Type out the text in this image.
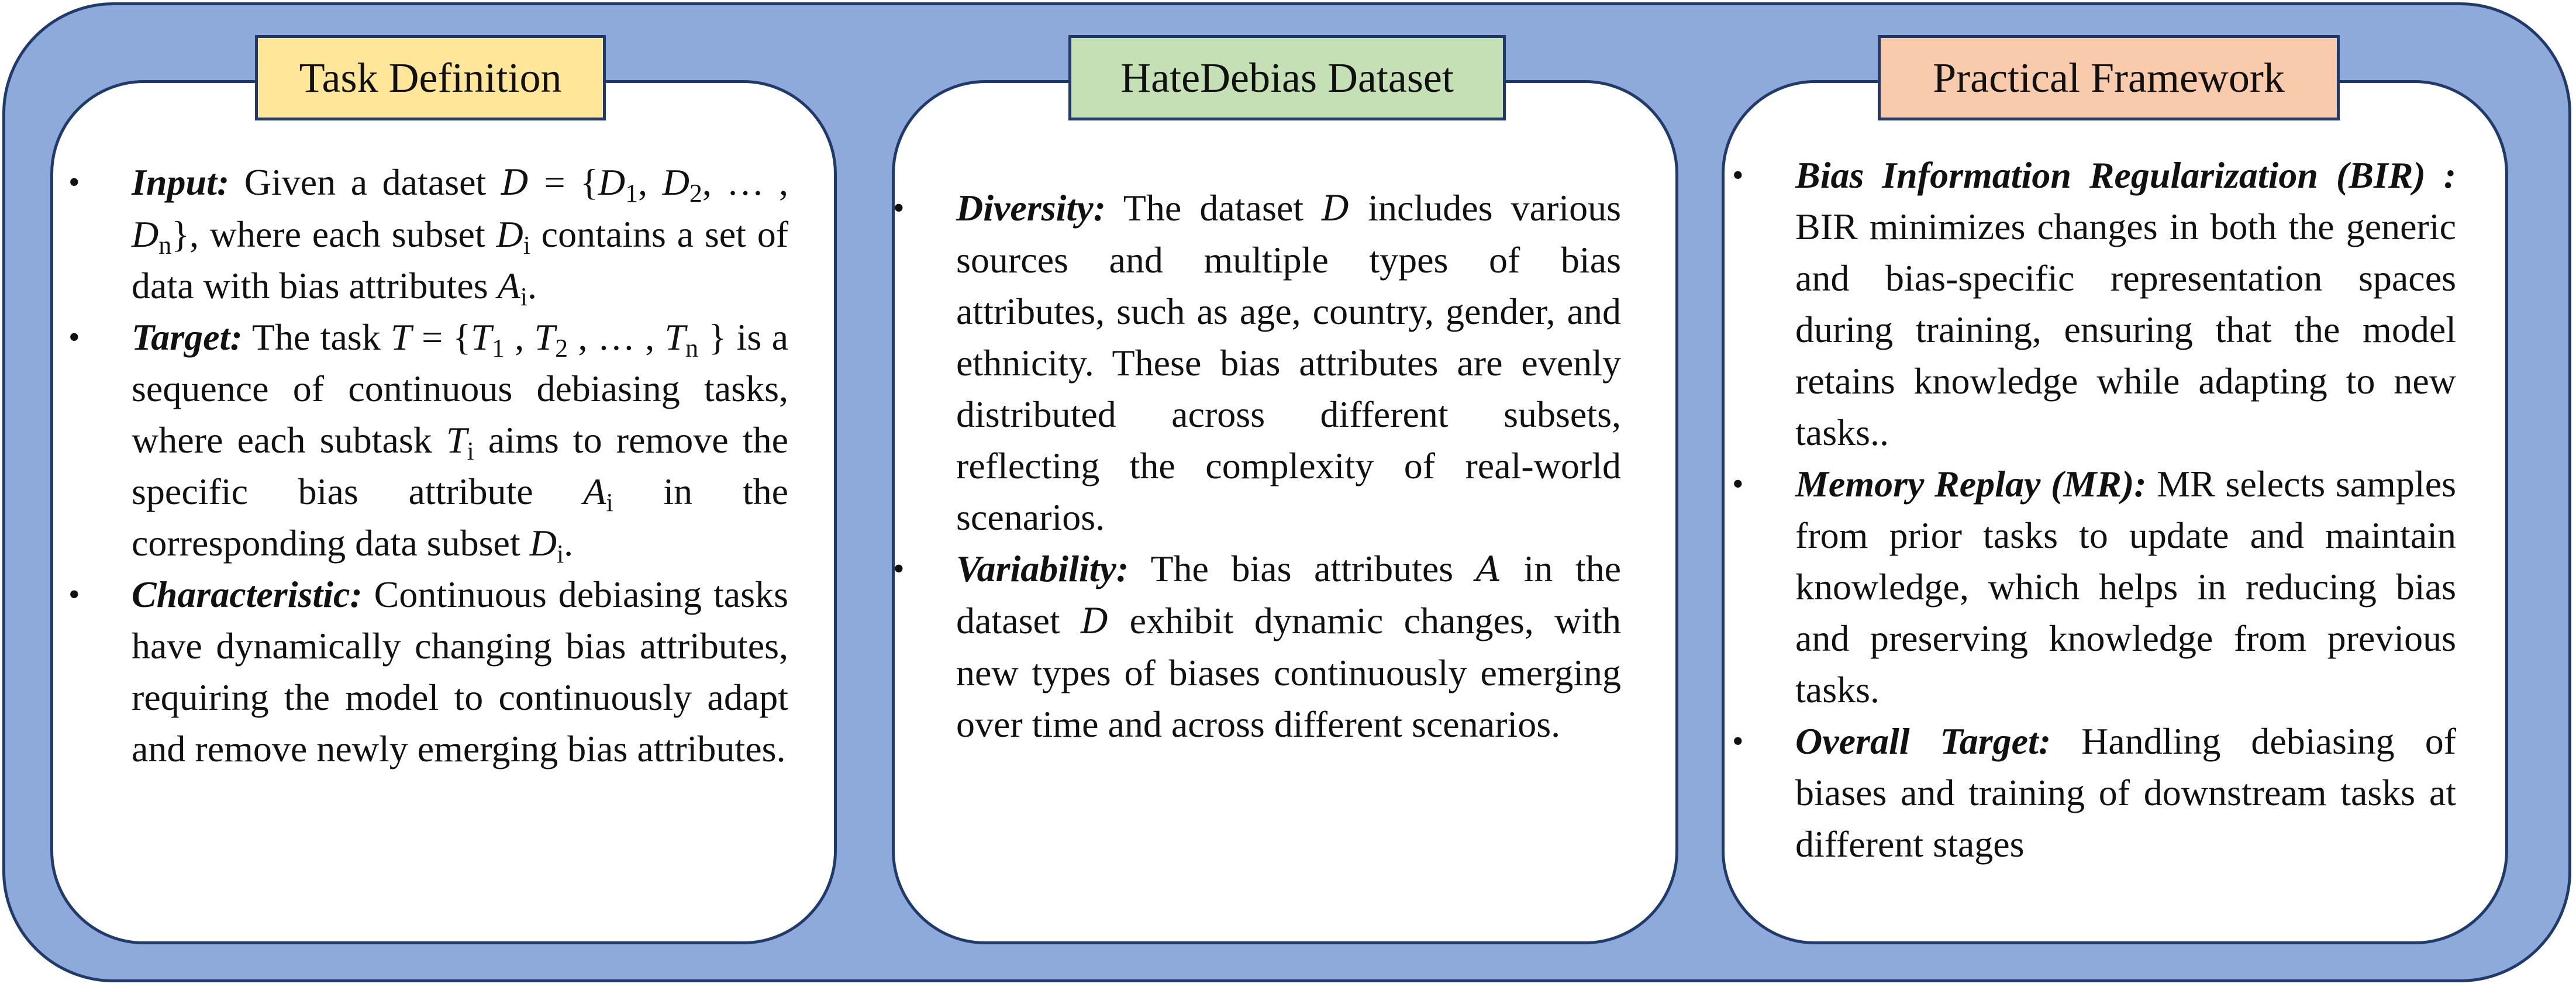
Task Definition	HateDebias Dataset	Practical Framework
•	Input: Given a dataset $D = \{D_1$, $D_2$, … , $D_n$}, where each subset $D_i$ contains a set of data with bias attributes $A_i$.
•	Target: The task $T = \{T_1$ , $T_2$ , … , $T_n$ } is a sequence of continuous debiasing tasks, where each subtask $T_i$ aims to remove the specific bias attribute $A_i$ in the corresponding data subset $D_i$.
•	Characteristic: Continuous debiasing tasks have dynamically changing bias attributes, requiring the model to continuously adapt and remove newly emerging bias attributes.
•	Diversity: The dataset D includes various sources and multiple types of bias attributes, such as age, country, gender, and ethnicity. These bias attributes are evenly distributed across different subsets, reflecting the complexity of real-world scenarios.
•	Variability: The bias attributes A in the dataset D exhibit dynamic changes, with new types of biases continuously emerging over time and across different scenarios.
•	Bias Information Regularization (BIR) : BIR minimizes changes in both the generic and bias-specific representation spaces during training, ensuring that the model retains knowledge while adapting to new tasks..
•	Memory Replay (MR): MR selects samples from prior tasks to update and maintain knowledge, which helps in reducing bias and preserving knowledge from previous tasks.
•	Overall Target: Handling debiasing of biases and training of downstream tasks at different stages
